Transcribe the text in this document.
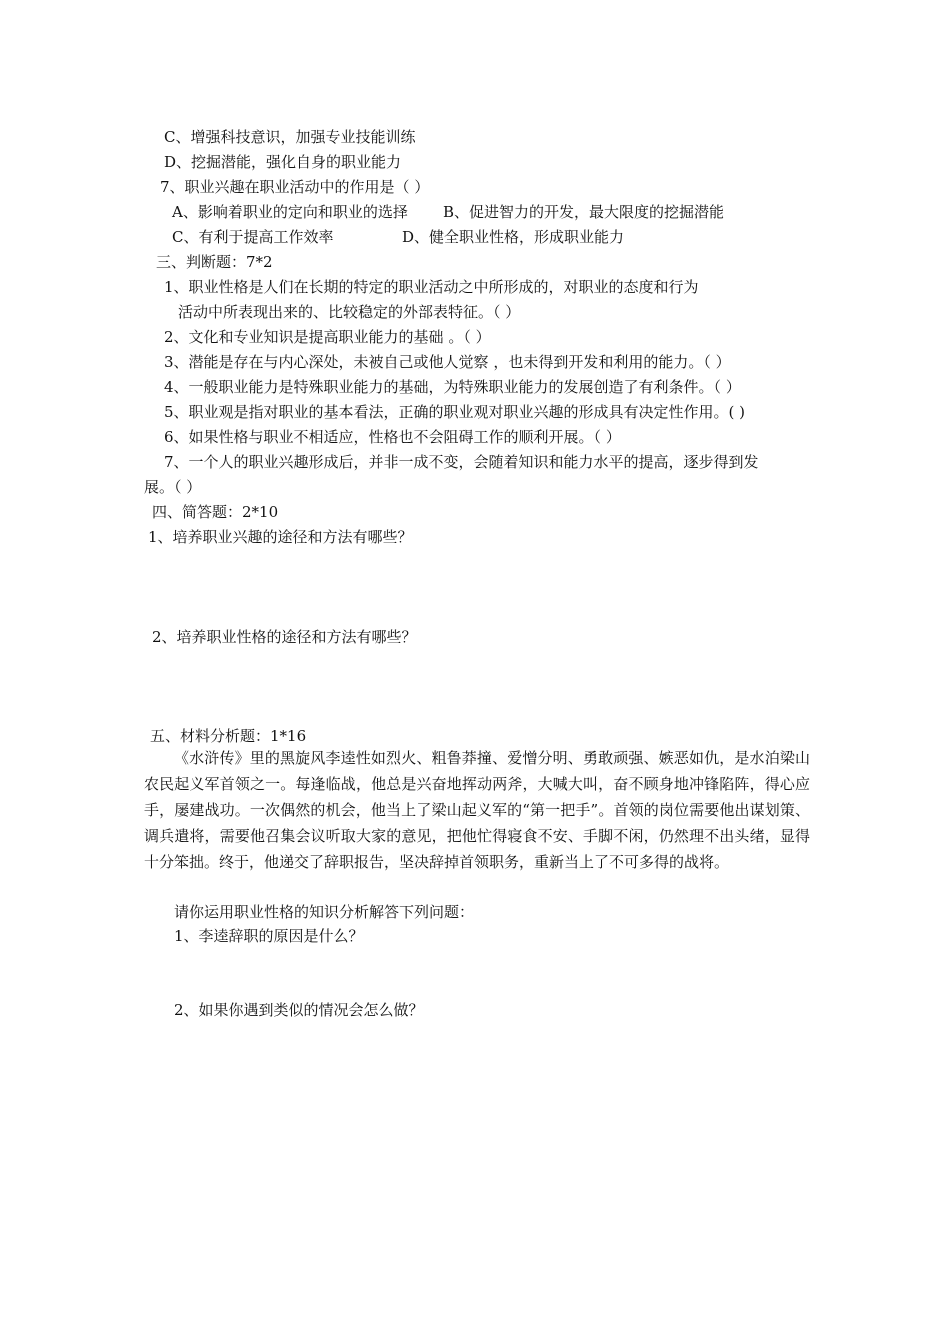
C、增强科技意识，加强专业技能训练
D、挖掘潜能，强化自身的职业能力
7、职业兴趣在职业活动中的作用是（ ）
A、影响着职业的定向和职业的选择 B、促进智力的开发，最大限度的挖掘潜能
C、有利于提高工作效率	D、健全职业性格，形成职业能力
三、判断题：7*2
1、职业性格是人们在长期的特定的职业活动之中所形成的，对职业的态度和行为
活动中所表现出来的、比较稳定的外部表特征。（ ）
2、文化和专业知识是提高职业能力的基础 。（ ）
3、潜能是存在与内心深处，未被自己或他人觉察 ，也未得到开发和利用的能力。（ ）
4、一般职业能力是特殊职业能力的基础，为特殊职业能力的发展创造了有利条件。（ ）
5、职业观是指对职业的基本看法，正确的职业观对职业兴趣的形成具有决定性作用。( )
6、如果性格与职业不相适应，性格也不会阻碍工作的顺利开展。（ ）
7、一个人的职业兴趣形成后，并非一成不变，会随着知识和能力水平的提高，逐步得到发
展。（ ）
四、简答题：2*10
1、培养职业兴趣的途径和方法有哪些？
2、培养职业性格的途径和方法有哪些？
五、材料分析题：1*16

《水浒传》里的黑旋风李逵性如烈火、粗鲁莽撞、爱憎分明、勇敢顽强、嫉恶如仇，是水泊梁山农民起义军首领之一。每逢临战，他总是兴奋地挥动两斧，大喊大叫，奋不顾身地冲锋陷阵，得心应手，屡建战功。一次偶然的机会，他当上了梁山起义军的“第一把手”。首领的岗位需要他出谋划策、调兵遣将，需要他召集会议听取大家的意见，把他忙得寝食不安、手脚不闲，仍然理不出头绪，显得十分笨拙。终于，他递交了辞职报告，坚决辞掉首领职务，重新当上了不可多得的战将。

请你运用职业性格的知识分析解答下列问题：
1、李逵辞职的原因是什么？
2、如果你遇到类似的情况会怎么做？
